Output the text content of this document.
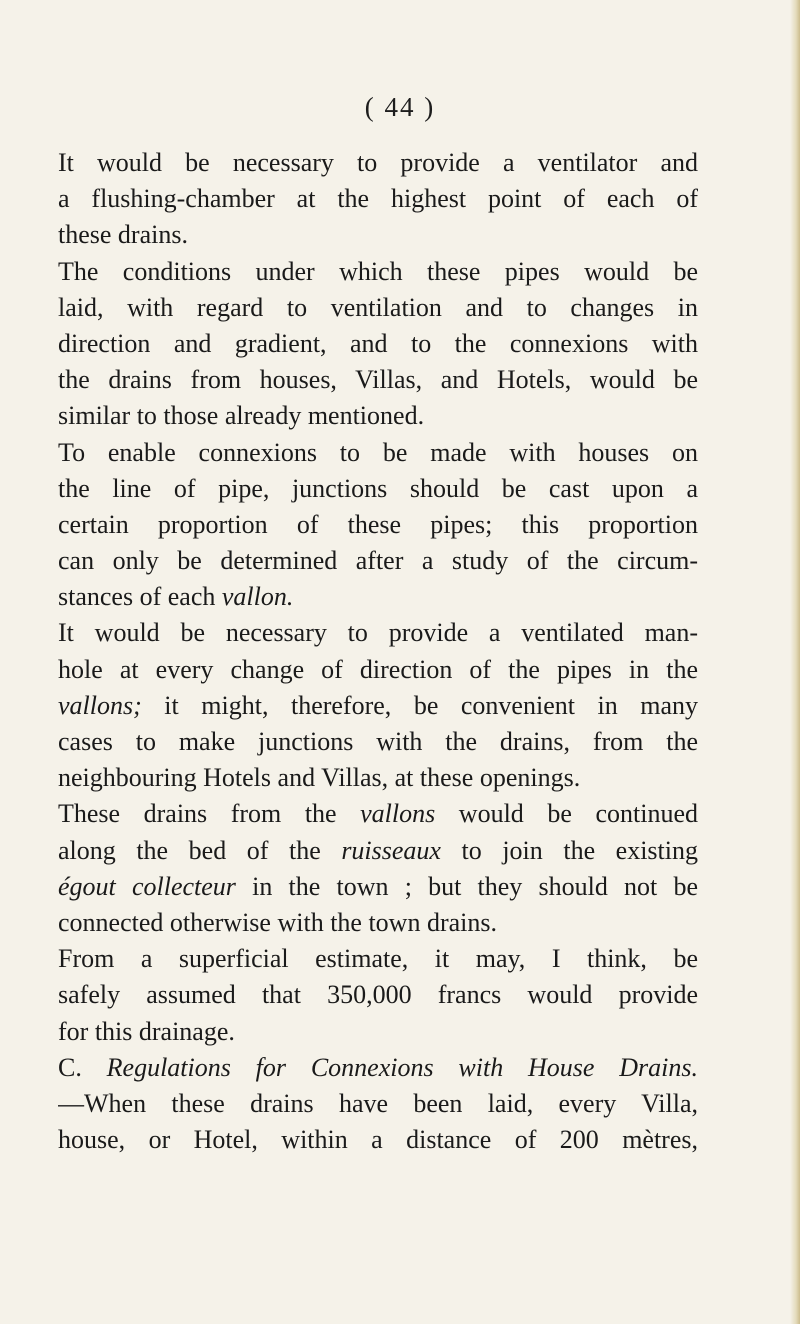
( 44 )

It would be necessary to provide a ventilator and
a flushing-chamber at the highest point of each of
these drains.
The conditions under which these pipes would be
laid, with regard to ventilation and to changes in
direction and gradient, and to the connexions with
the drains from houses, Villas, and Hotels, would be
similar to those already mentioned.
To enable connexions to be made with houses on
the line of pipe, junctions should be cast upon a
certain proportion of these pipes; this proportion
can only be determined after a study of the circum-
stances of each vallon.
It would be necessary to provide a ventilated man-
hole at every change of direction of the pipes in the
vallons; it might, therefore, be convenient in many
cases to make junctions with the drains, from the
neighbouring Hotels and Villas, at these openings.
These drains from the vallons would be continued
along the bed of the ruisseaux to join the existing
égout collecteur in the town ; but they should not be
connected otherwise with the town drains.
From a superficial estimate, it may, I think, be
safely assumed that 350,000 francs would provide
for this drainage.
C. Regulations for Connexions with House Drains.
—When these drains have been laid, every Villa,
house, or Hotel, within a distance of 200 mètres,
